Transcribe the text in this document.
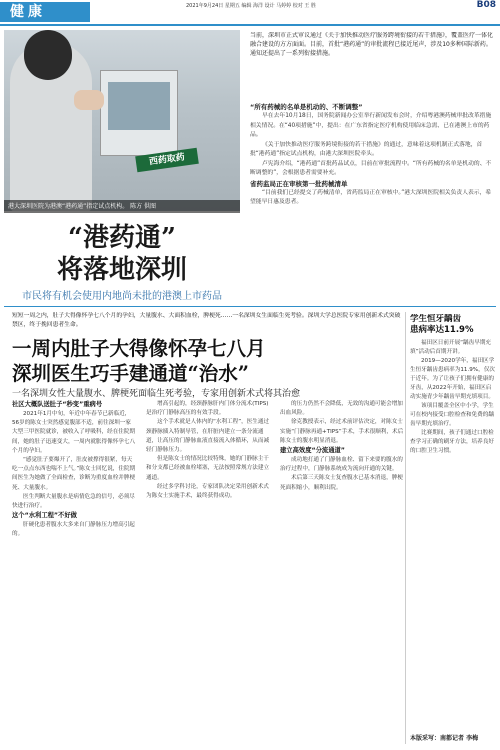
健康	2021年9月24日 星期五 编辑 海洋 设计 马婷婷 校对 王 胜	B08
西药取药
港大深圳医院为港澳“港药通”指定试点机构。 陈方 供图
当前，深圳市正式审议通过《关于加快推动医疗服务跨境衔接的若干措施》，覆盖医疗一体化融合建设的方方面面。目前，首批“港药通”的审批流程已接近尾声，涉及10多种国际新药。通知还提出了一系列衔接措施。
“港药通”
将落地深圳
市民将有机会使用内地尚未批的港澳上市药品
“所有药械的名单是机动的、不断调整”

早在去年10月18日，国务院新闻办公室举行新闻发布会时，介绍粤港澳药械审批改革措施相关情况。在“40项措施”中，提出：在广东省指定医疗机构使用临床急需、已在港澳上市的药品。

《关于加快推动医疗服务跨境衔接的若干措施》的通过，意味着这项机制正式落地，首批“港药通”指定试点机构，由港大深圳医院牵头。

卢宪海介绍，“港药通”首批药品试点，目前在审批流程中。“所有药械的名单是机动的、不断调整的”，会根据患者需要补充。

省药监局正在审核第一批药械清单

“目前我们已经提交了药械清单，省药监局正在审核中。”港大深圳医院相关负责人表示，希望能早日惠及患者。

短短一周之内，肚子大得像怀孕七八个月的孕妇，大量腹水、大面积血栓，脾梗死……一名深圳女生面临生死考验。深圳大学总医院专家用创新术式突破禁区，终于挽回患者生命。
一周内肚子大得像怀孕七八月
深圳医生巧手建通道“治水”
一名深圳女性大量腹水、脾梗死面临生死考验，专家用创新术式将其治愈
社区大概队送肚子“秒变”重病号

2021年1月中旬，年近中年春节已新临近，56岁的陈女士突然感觉腹部不适，前往深圳一家大型三甲医院就诊，被收入了呼吸科，经在住院期间，她的肚子迅速变大，一周内就胀得像怀孕七八个月的孕妇。

“感觉肚子要爆开了，肚皮被撑得很紧，每天吃一点点东西也喘不上气。”陈女士回忆说，住院期间医生为她做了全面检查，诊断为重度血栓并脾梗死、大量腹水。

医生判断大量腹水是病情危急的信号，必须尽快进行治疗。

这个“水利工程”不好做

肝硬化患者腹水大多来自门静脉压力增高引起的。

增高引起的，经颈静脉肝内门体分流术(TIPS)是治疗门静脉高压的有效手段。

这个手术就是人体内的“水利工程”，医生通过颈静脉插入特制导管，在肝脏内建立一条分流通道，让高压的门静脉血液直接流入体循环，从而减轻门静脉压力。

但是陈女士的情况比较特殊，她的门静脉主干和分支都已经被血栓堵塞，无法按照常规方法建立通道。

经过多学科讨论，专家团队决定采用创新术式为陈女士实施手术，最终获得成功。

的压力仍然不会降低，无效的沟通可能会增加出血风险。

徐克教授表示，经过术前评估决定，对陈女士实施“门静脉再通+TIPS”手术，手术很顺利，术后陈女士的腹水明显消退。

建立高效度“分流通道”

成功地打通了门静脉血栓、留下来要的腹水的治疗过程中，门静脉系统成为流向开通的关键。

术后第三天陈女士复查腹水已基本消退，脾梗死面积缩小，顺利出院。

学生恒牙龋齿
患病率达11.9%

福田区日前开展“龋齿早期充填”活动后首期开讲。

2019—2020学年，福田区学生恒牙龋齿患病率为11.9%，仅次于近年。为了让孩子们拥有健康的牙齿，从2022年开始，福田区启动实施青少年龋齿早期充填项目。

该项目覆盖全区中小学，学生可在校内接受口腔检查和免费的龋齿早期充填治疗。

比赛期间，孩子们通过口腔检查学习正确的刷牙方法，培养良好的口腔卫生习惯。

本版采写：南都记者 李梅
